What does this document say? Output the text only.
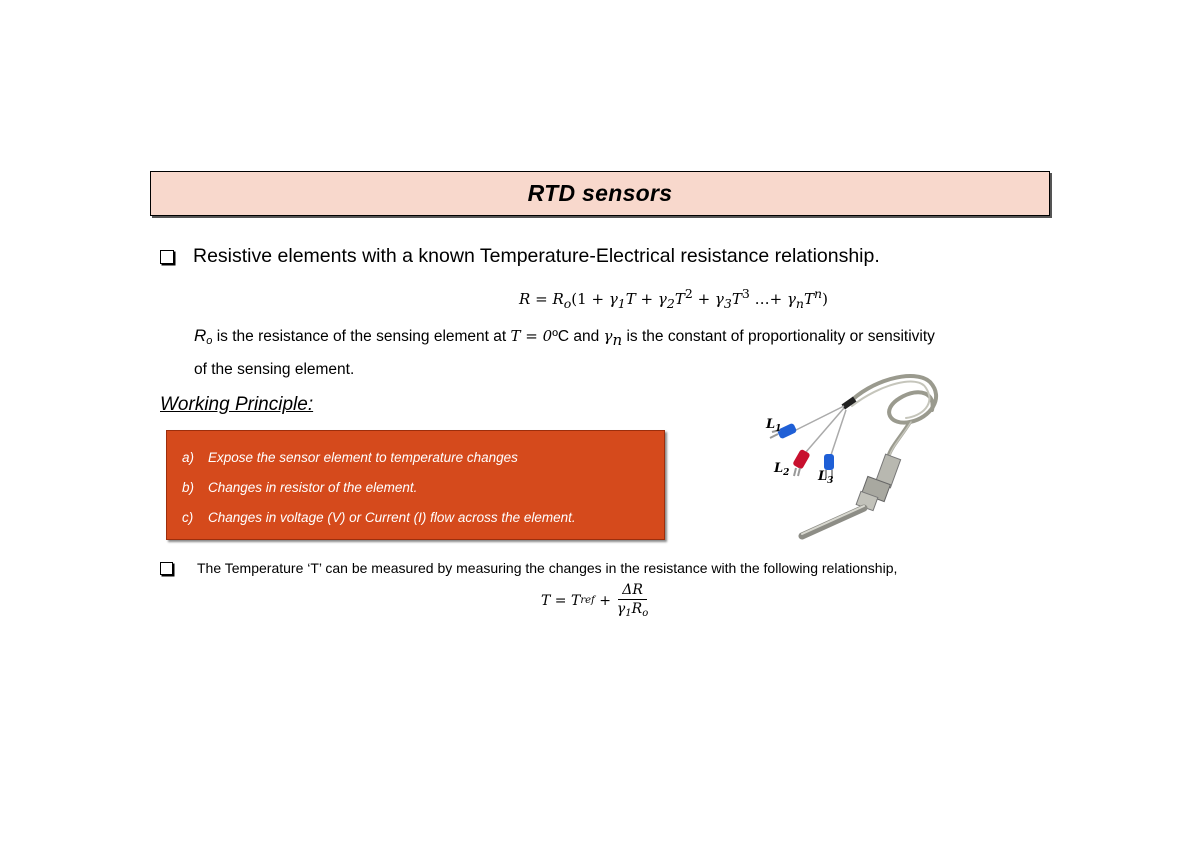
RTD sensors
Resistive elements with a known Temperature-Electrical resistance relationship.
$R = R_o(1 + \gamma_1T + \gamma_2T^2 + \gamma_3T^3$ …+ $\gamma_nT^n$)
Ro is the resistance of the sensing element at T = 0ºC and $\gamma_n$ is the constant of proportionality or sensitivity
of the sensing element.
Working Principle:
a) Expose the sensor element to temperature changes
b) Changes in resistor of the element.
c) Changes in voltage (V) or Current (I) flow across the element.
$L_1$
$L_2$ $L_3$
The Temperature ‘T’ can be measured by measuring the changes in the resistance with the following relationship,
T
=
T ref
+ $\frac{\Delta R}{\gamma_1R_o}$
